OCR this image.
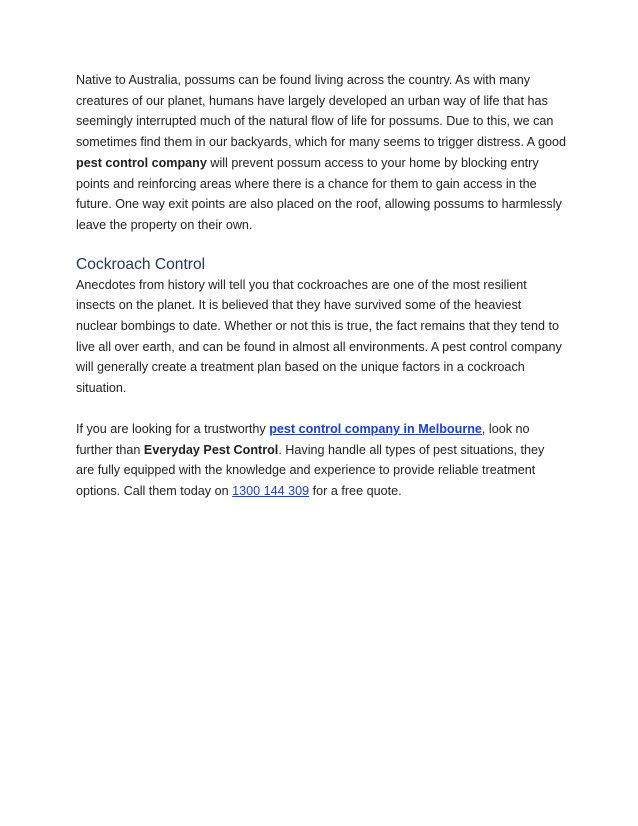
Native to Australia, possums can be found living across the country. As with many creatures of our planet, humans have largely developed an urban way of life that has seemingly interrupted much of the natural flow of life for possums. Due to this, we can sometimes find them in our backyards, which for many seems to trigger distress. A good pest control company will prevent possum access to your home by blocking entry points and reinforcing areas where there is a chance for them to gain access in the future. One way exit points are also placed on the roof, allowing possums to harmlessly leave the property on their own.

Cockroach Control

Anecdotes from history will tell you that cockroaches are one of the most resilient insects on the planet. It is believed that they have survived some of the heaviest nuclear bombings to date. Whether or not this is true, the fact remains that they tend to live all over earth, and can be found in almost all environments. A pest control company will generally create a treatment plan based on the unique factors in a cockroach situation.

If you are looking for a trustworthy pest control company in Melbourne, look no further than Everyday Pest Control. Having handle all types of pest situations, they are fully equipped with the knowledge and experience to provide reliable treatment options. Call them today on 1300 144 309 for a free quote.
